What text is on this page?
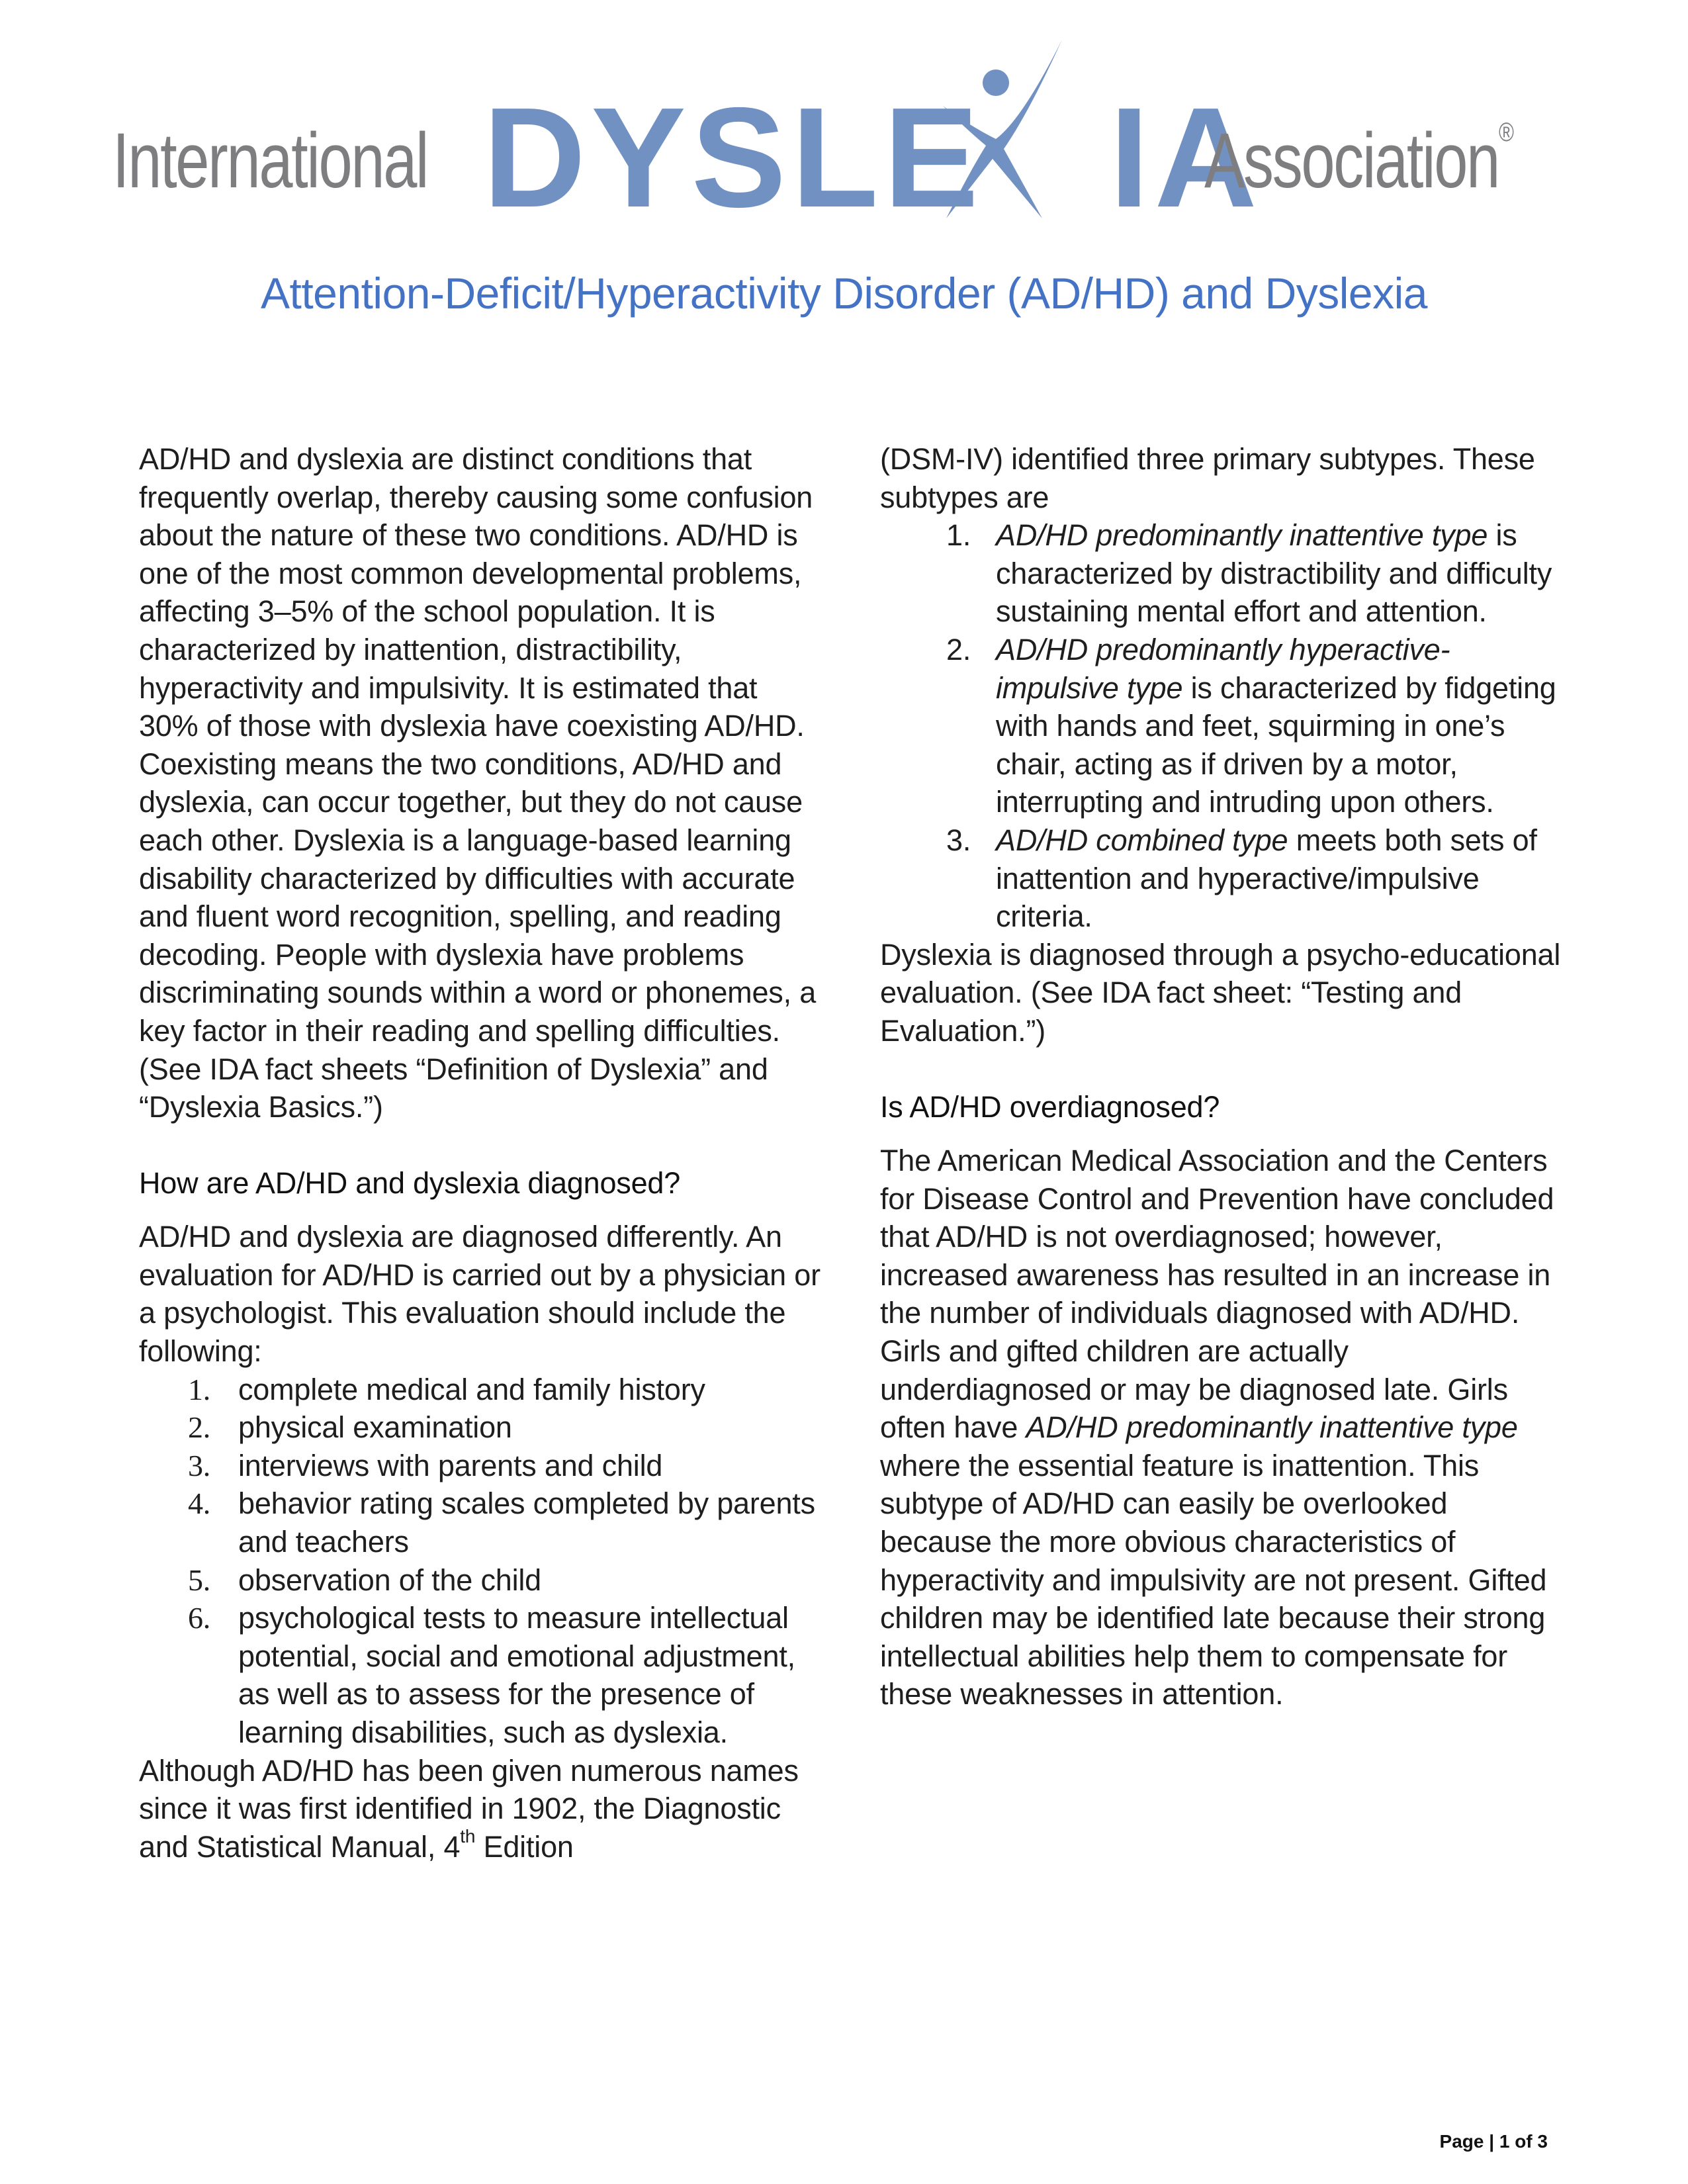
International DYSLE IA
Association®
Attention-Deficit/Hyperactivity Disorder (AD/HD) and Dyslexia

AD/HD and dyslexia are distinct conditions that frequently overlap, thereby causing some confusion about the nature of these two conditions. AD/HD is one of the most common developmental problems, affecting 3–5% of the school population. It is characterized by inattention, distractibility, hyperactivity and impulsivity. It is estimated that 30% of those with dyslexia have coexisting AD/HD. Coexisting means the two conditions, AD/HD and dyslexia, can occur together, but they do not cause each other. Dyslexia is a language-based learning disability characterized by difficulties with accurate and fluent word recognition, spelling, and reading decoding. People with dyslexia have problems discriminating sounds within a word or phonemes, a key factor in their reading and spelling difficulties. (See IDA fact sheets “Definition of Dyslexia” and “Dyslexia Basics.”)

How are AD/HD and dyslexia diagnosed?

AD/HD and dyslexia are diagnosed differently. An evaluation for AD/HD is carried out by a physician or a psychologist. This evaluation should include the following:

1. complete medical and family history
2. physical examination
3. interviews with parents and child
4. behavior rating scales completed by parents and teachers
5. observation of the child
6. psychological tests to measure intellectual potential, social and emotional adjustment, as well as to assess for the presence of learning disabilities, such as dyslexia.

Although AD/HD has been given numerous names since it was first identified in 1902, the Diagnostic and Statistical Manual, 4th Edition

(DSM-IV) identified three primary subtypes. These subtypes are

1. AD/HD predominantly inattentive type is characterized by distractibility and difficulty sustaining mental effort and attention.
2. AD/HD predominantly hyperactive-impulsive type is characterized by fidgeting with hands and feet, squirming in one’s chair, acting as if driven by a motor, interrupting and intruding upon others.
3. AD/HD combined type meets both sets of inattention and hyperactive/impulsive criteria.

Dyslexia is diagnosed through a psycho-educational evaluation. (See IDA fact sheet: “Testing and Evaluation.”)

Is AD/HD overdiagnosed?

The American Medical Association and the Centers for Disease Control and Prevention have concluded that AD/HD is not overdiagnosed; however, increased awareness has resulted in an increase in the number of individuals diagnosed with AD/HD. Girls and gifted children are actually underdiagnosed or may be diagnosed late. Girls often have AD/HD predominantly inattentive type where the essential feature is inattention. This subtype of AD/HD can easily be overlooked because the more obvious characteristics of hyperactivity and impulsivity are not present. Gifted children may be identified late because their strong intellectual abilities help them to compensate for these weaknesses in attention.

Page | 1 of 3
